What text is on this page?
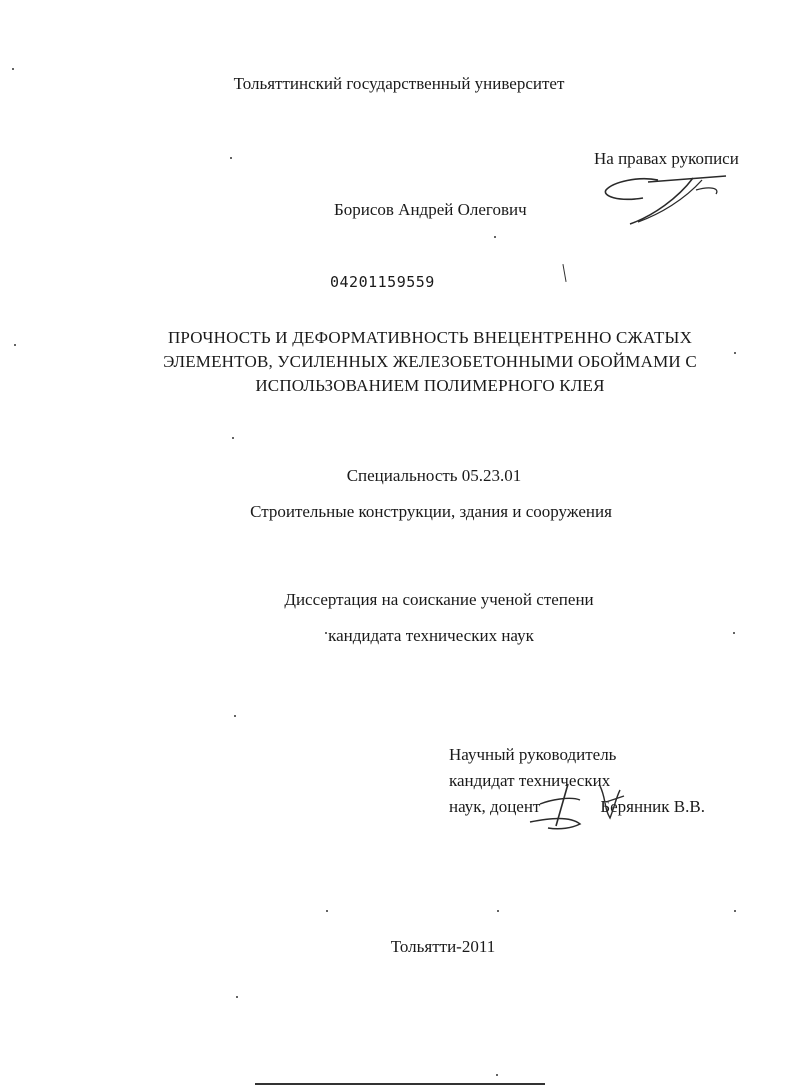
Тольяттинский государственный университет
На правах рукописи
Борисов Андрей Олегович
04201159559
ПРОЧНОСТЬ И ДЕФОРМАТИВНОСТЬ ВНЕЦЕНТРЕННО СЖАТЫХ
ЭЛЕМЕНТОВ, УСИЛЕННЫХ ЖЕЛЕЗОБЕТОННЫМИ ОБОЙМАМИ С
ИСПОЛЬЗОВАНИЕМ ПОЛИМЕРНОГО КЛЕЯ
Специальность 05.23.01
Строительные конструкции, здания и сооружения
Диссертация на соискание ученой степени
кандидата технических наук
Научный руководитель
кандидат технических
наук, доцент	Берянник В.В.
Тольятти-2011
